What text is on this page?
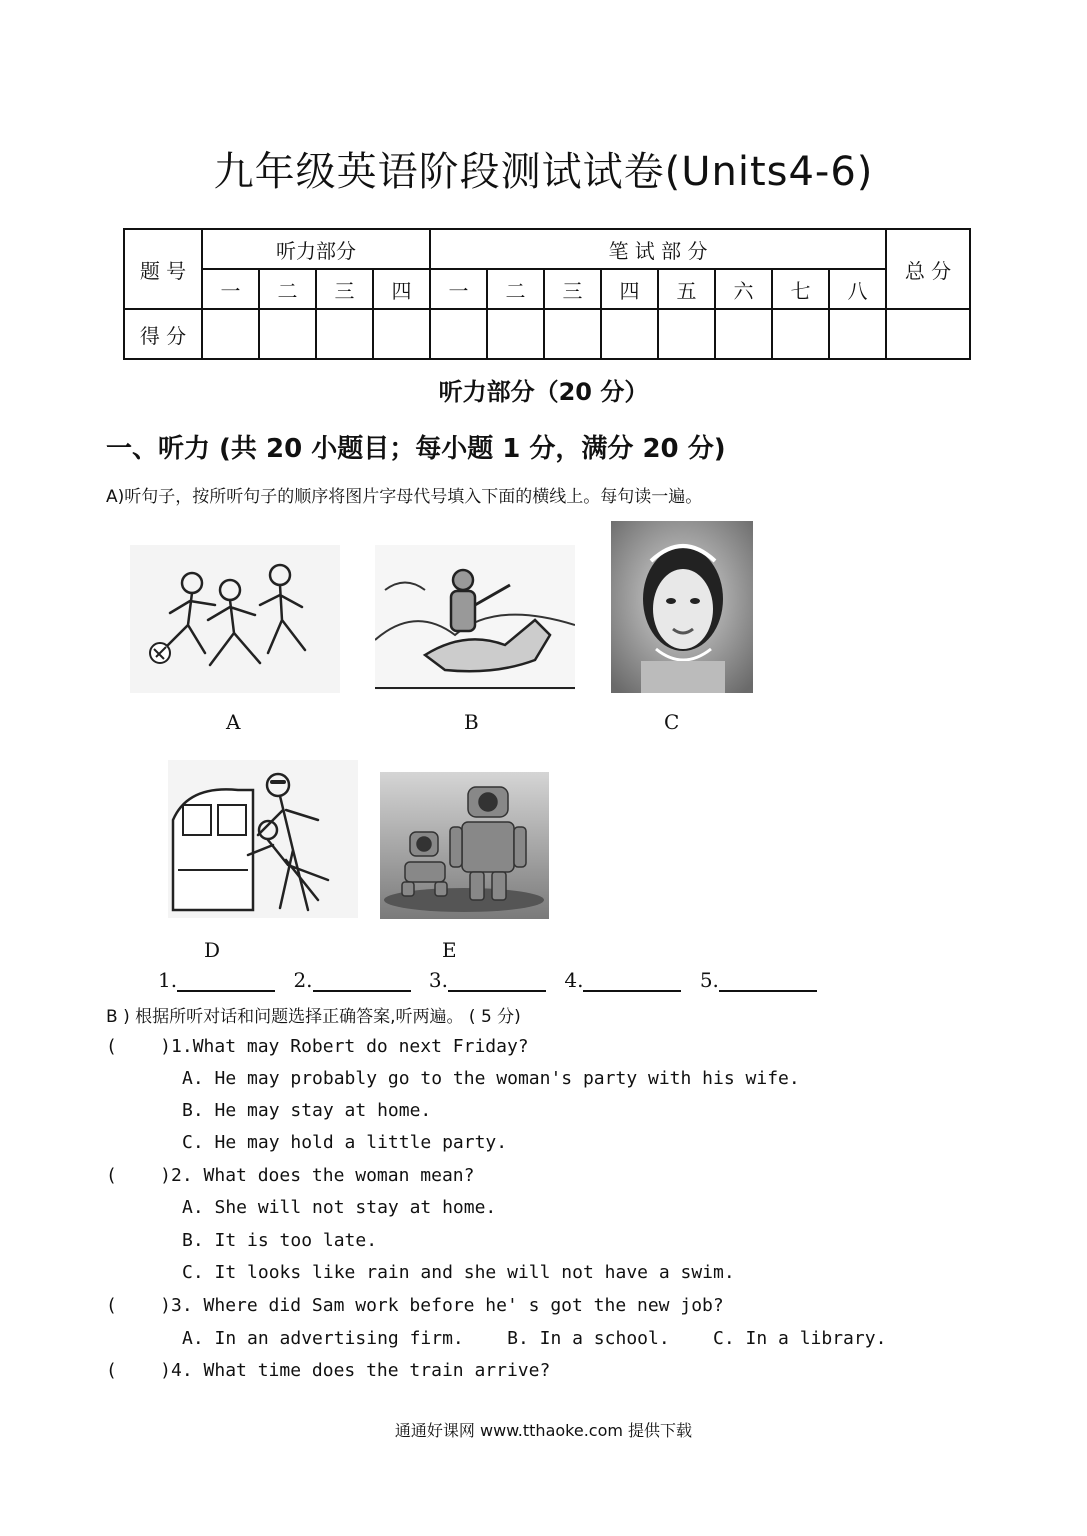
九年级英语阶段测试试卷(Units4-6)
题 号	听力部分				笔 试 部 分								总 分
	一	二	三	四	一	二	三	四	五	六	七	八	
得 分													
听力部分（20 分）
一、听力 (共 20 小题目；每小题 1 分，满分 20 分)
A)听句子，按所听句子的顺序将图片字母代号填入下面的横线上。每句读一遍。
A	B	C
D	E
1.	2.	3.	4.	5.
B ) 根据所听对话和问题选择正确答案,听两遍。 ( 5 分)
(    )1.What may Robert do next Friday?
A. He may probably go to the woman's party with his wife.
B. He may stay at home.
C. He may hold a little party.
(    )2. What does the woman mean?
A. She will not stay at home.
B. It is too late.
C. It looks like rain and she will not have a swim.
(    )3. Where did Sam work before he' s got the new job?
A. In an advertising firm.    B. In a school.    C. In a library.
(    )4. What time does the train arrive?
通通好课网 www.tthaoke.com 提供下载
